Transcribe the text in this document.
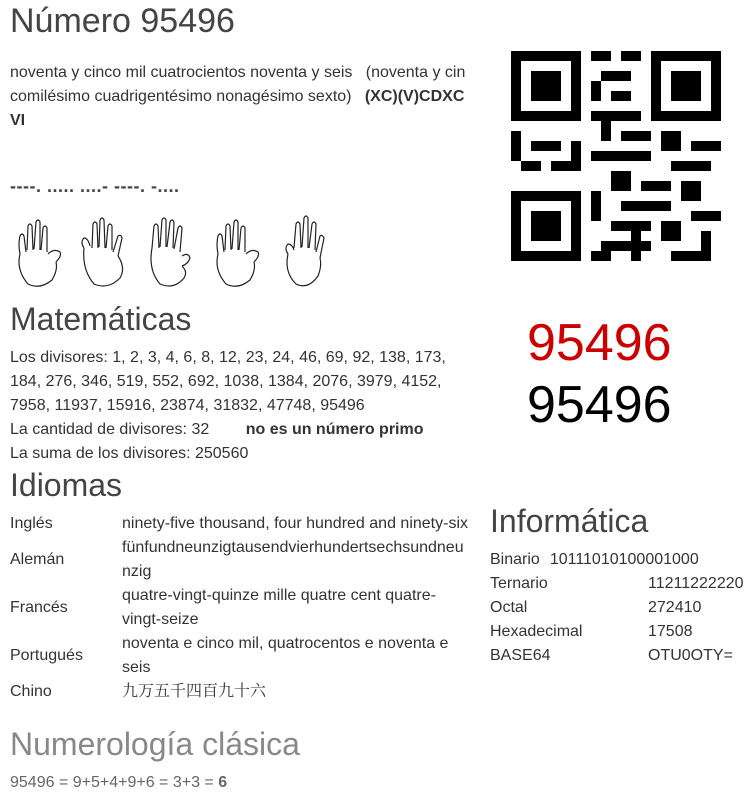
Número 95496
noventa y cinco mil cuatrocientos noventa y seis (noventa y cin
comilésimo cuadrigentésimo nonagésimo sexto) (XC)(V)CDXC
VI
----. ..... ....- ----. -....
Matemáticas
Los divisores: 1, 2, 3, 4, 6, 8, 12, 23, 24, 46, 69, 92, 138, 173,
184, 276, 346, 519, 552, 692, 1038, 1384, 2076, 3979, 4152,
7958, 11937, 15916, 23874, 31832, 47748, 95496
La cantidad de divisores: 32 no es un número primo
La suma de los divisores: 250560
95496
95496
Idiomas
Inglés	ninety-five thousand, four hundred and ninety-six

Alemán	fünfundneunzigtausendvierhundertsechsundneu
nzig

Francés	quatre-vingt-quinze mille quatre cent quatre-
vingt-seize

Portugués	noventa e cinco mil, quatrocentos e noventa e
seis

Chino	九万五千四百九十六
Informática
Binario 10111010100001000
Ternario	11211222220
Octal	272410
Hexadecimal	17508
BASE64	OTU0OTY=
Numerología clásica
95496 = 9+5+4+9+6 = 3+3 = 6
